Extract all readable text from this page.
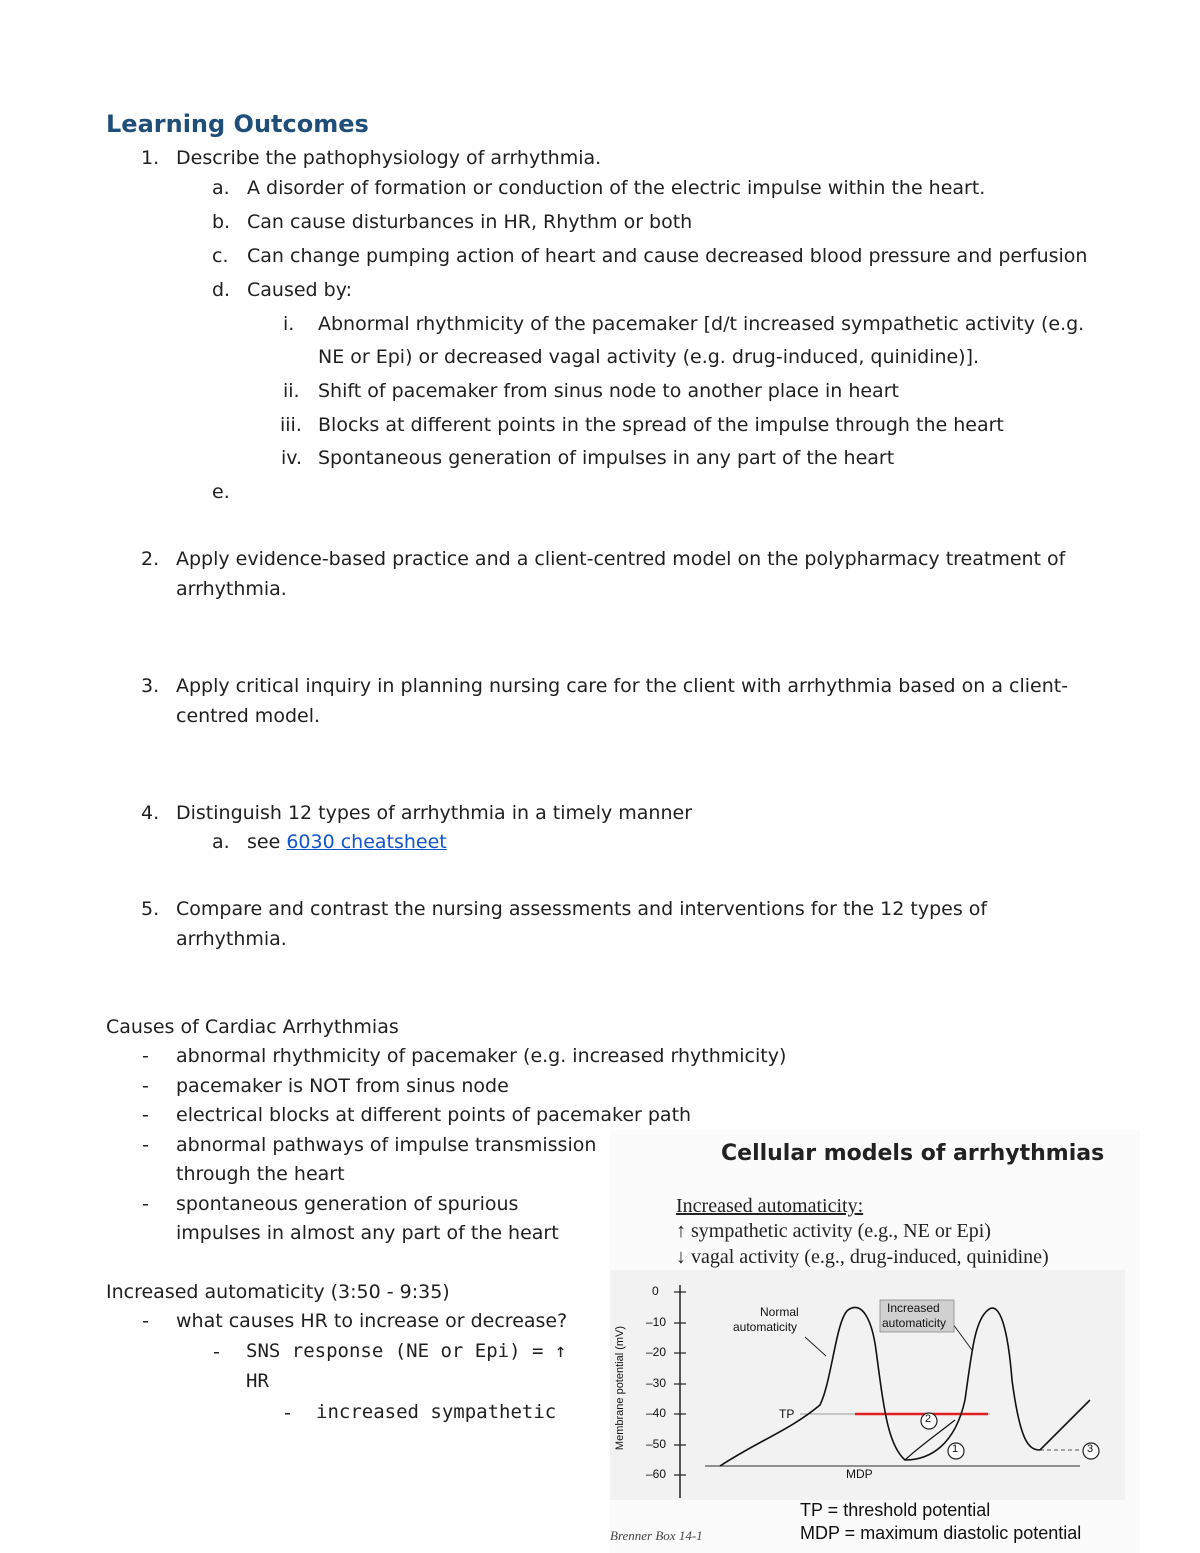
Learning Outcomes
1. Describe the pathophysiology of arrhythmia.
a. A disorder of formation or conduction of the electric impulse within the heart.
b. Can cause disturbances in HR, Rhythm or both
c. Can change pumping action of heart and cause decreased blood pressure and perfusion
d. Caused by:
i. Abnormal rhythmicity of the pacemaker [d/t increased sympathetic activity (e.g.
NE or Epi) or decreased vagal activity (e.g. drug-induced, quinidine)].
ii. Shift of pacemaker from sinus node to another place in heart
iii. Blocks at different points in the spread of the impulse through the heart
iv. Spontaneous generation of impulses in any part of the heart
e.
2. Apply evidence-based practice and a client-centred model on the polypharmacy treatment of
arrhythmia.
3. Apply critical inquiry in planning nursing care for the client with arrhythmia based on a client-
centred model.
4. Distinguish 12 types of arrhythmia in a timely manner
a. see 6030 cheatsheet
5. Compare and contrast the nursing assessments and interventions for the 12 types of
arrhythmia.
Causes of Cardiac Arrhythmias
- abnormal rhythmicity of pacemaker (e.g. increased rhythmicity)
- pacemaker is NOT from sinus node
- electrical blocks at different points of pacemaker path
- abnormal pathways of impulse transmission
through the heart
- spontaneous generation of spurious
impulses in almost any part of the heart
Increased automaticity (3:50 - 9:35)
- what causes HR to increase or decrease?
- SNS response (NE or Epi) = ↑
HR
- increased sympathetic
Cellular models of arrhythmias
Increased automaticity:
↑ sympathetic activity (e.g., NE or Epi)
↓ vagal activity (e.g., drug-induced, quinidine)
0
–10
–20
–30
–40
–50
–60
Membrane potential (mV)
Normal
automaticity
Increased
automaticity
TP
MDP
2
1	3
TP = threshold potential
MDP = maximum diastolic potential
Brenner Box 14-1
